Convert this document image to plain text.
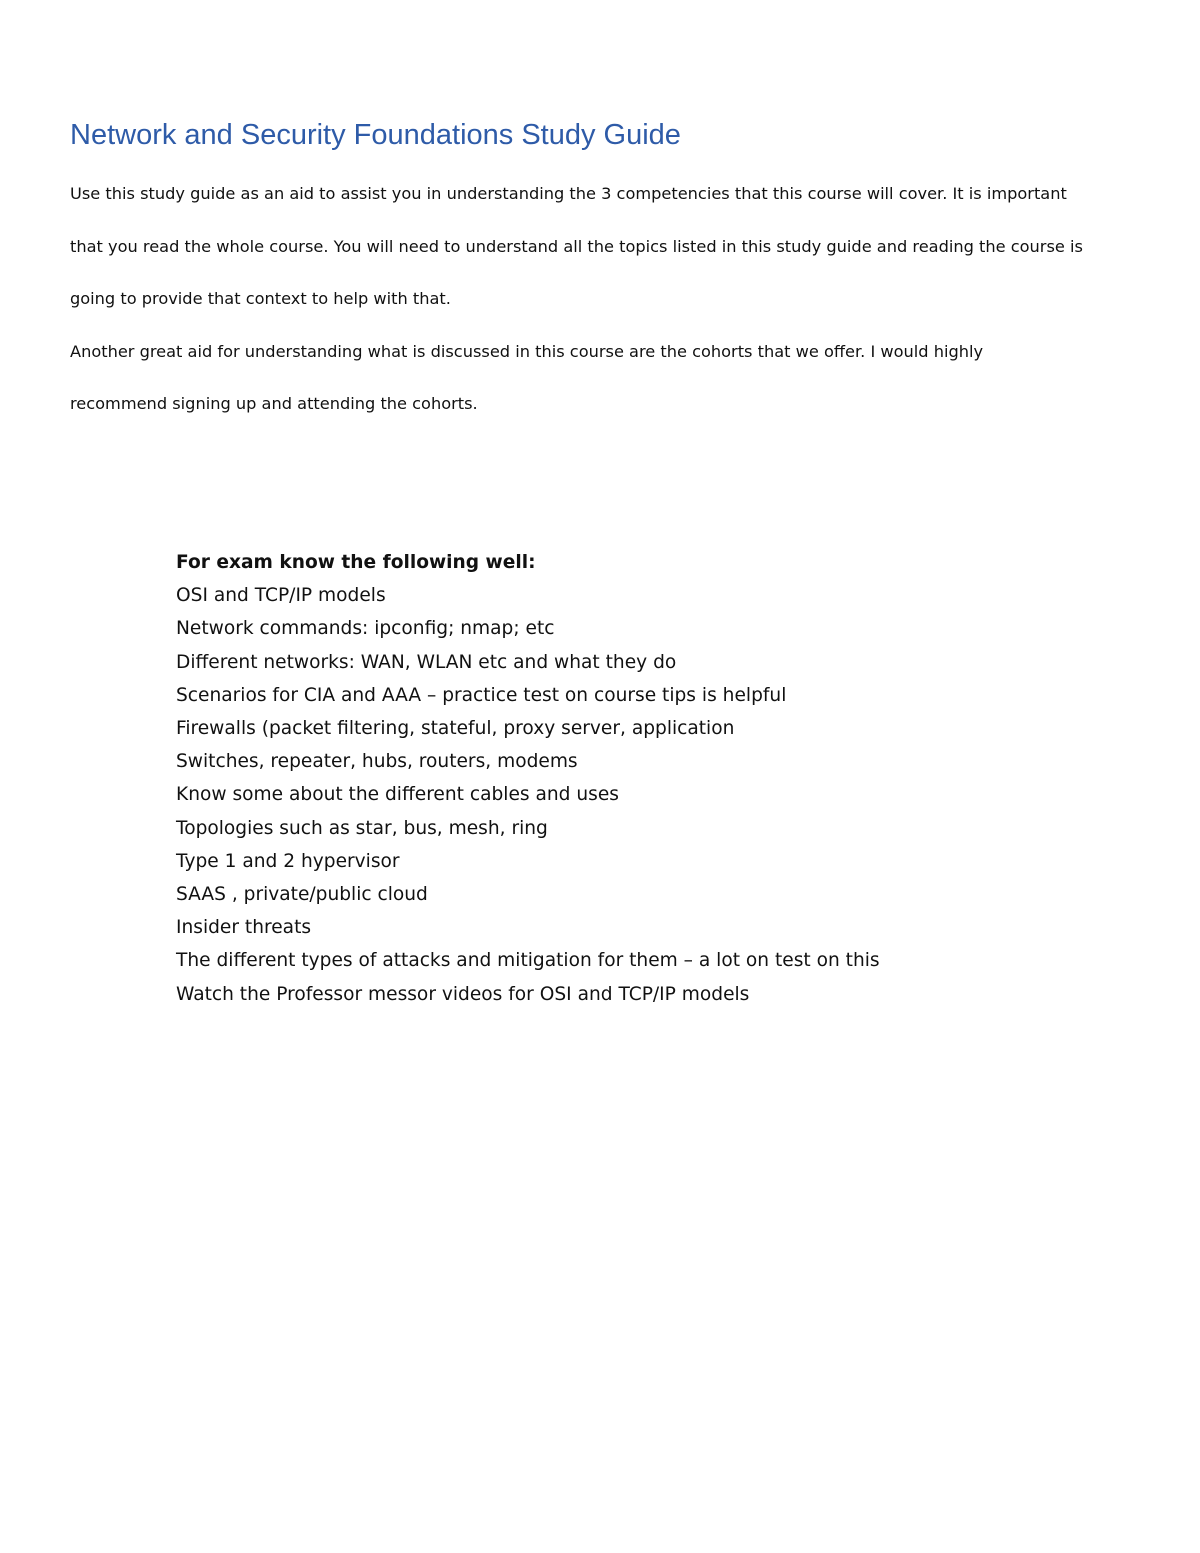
Network and Security Foundations Study Guide

Use this study guide as an aid to assist you in understanding the 3 competencies that this course will cover. It is important
that you read the whole course. You will need to understand all the topics listed in this study guide and reading the course is
going to provide that context to help with that.

Another great aid for understanding what is discussed in this course are the cohorts that we offer. I would highly
recommend signing up and attending the cohorts.

For exam know the following well:
OSI and TCP/IP models
Network commands: ipconfig; nmap; etc
Different networks: WAN, WLAN etc and what they do
Scenarios for CIA and AAA – practice test on course tips is helpful
Firewalls (packet filtering, stateful, proxy server, application
Switches, repeater, hubs, routers, modems
Know some about the different cables and uses
Topologies such as star, bus, mesh, ring
Type 1 and 2 hypervisor
SAAS , private/public cloud
Insider threats
The different types of attacks and mitigation for them – a lot on test on this
Watch the Professor messor videos for OSI and TCP/IP models
